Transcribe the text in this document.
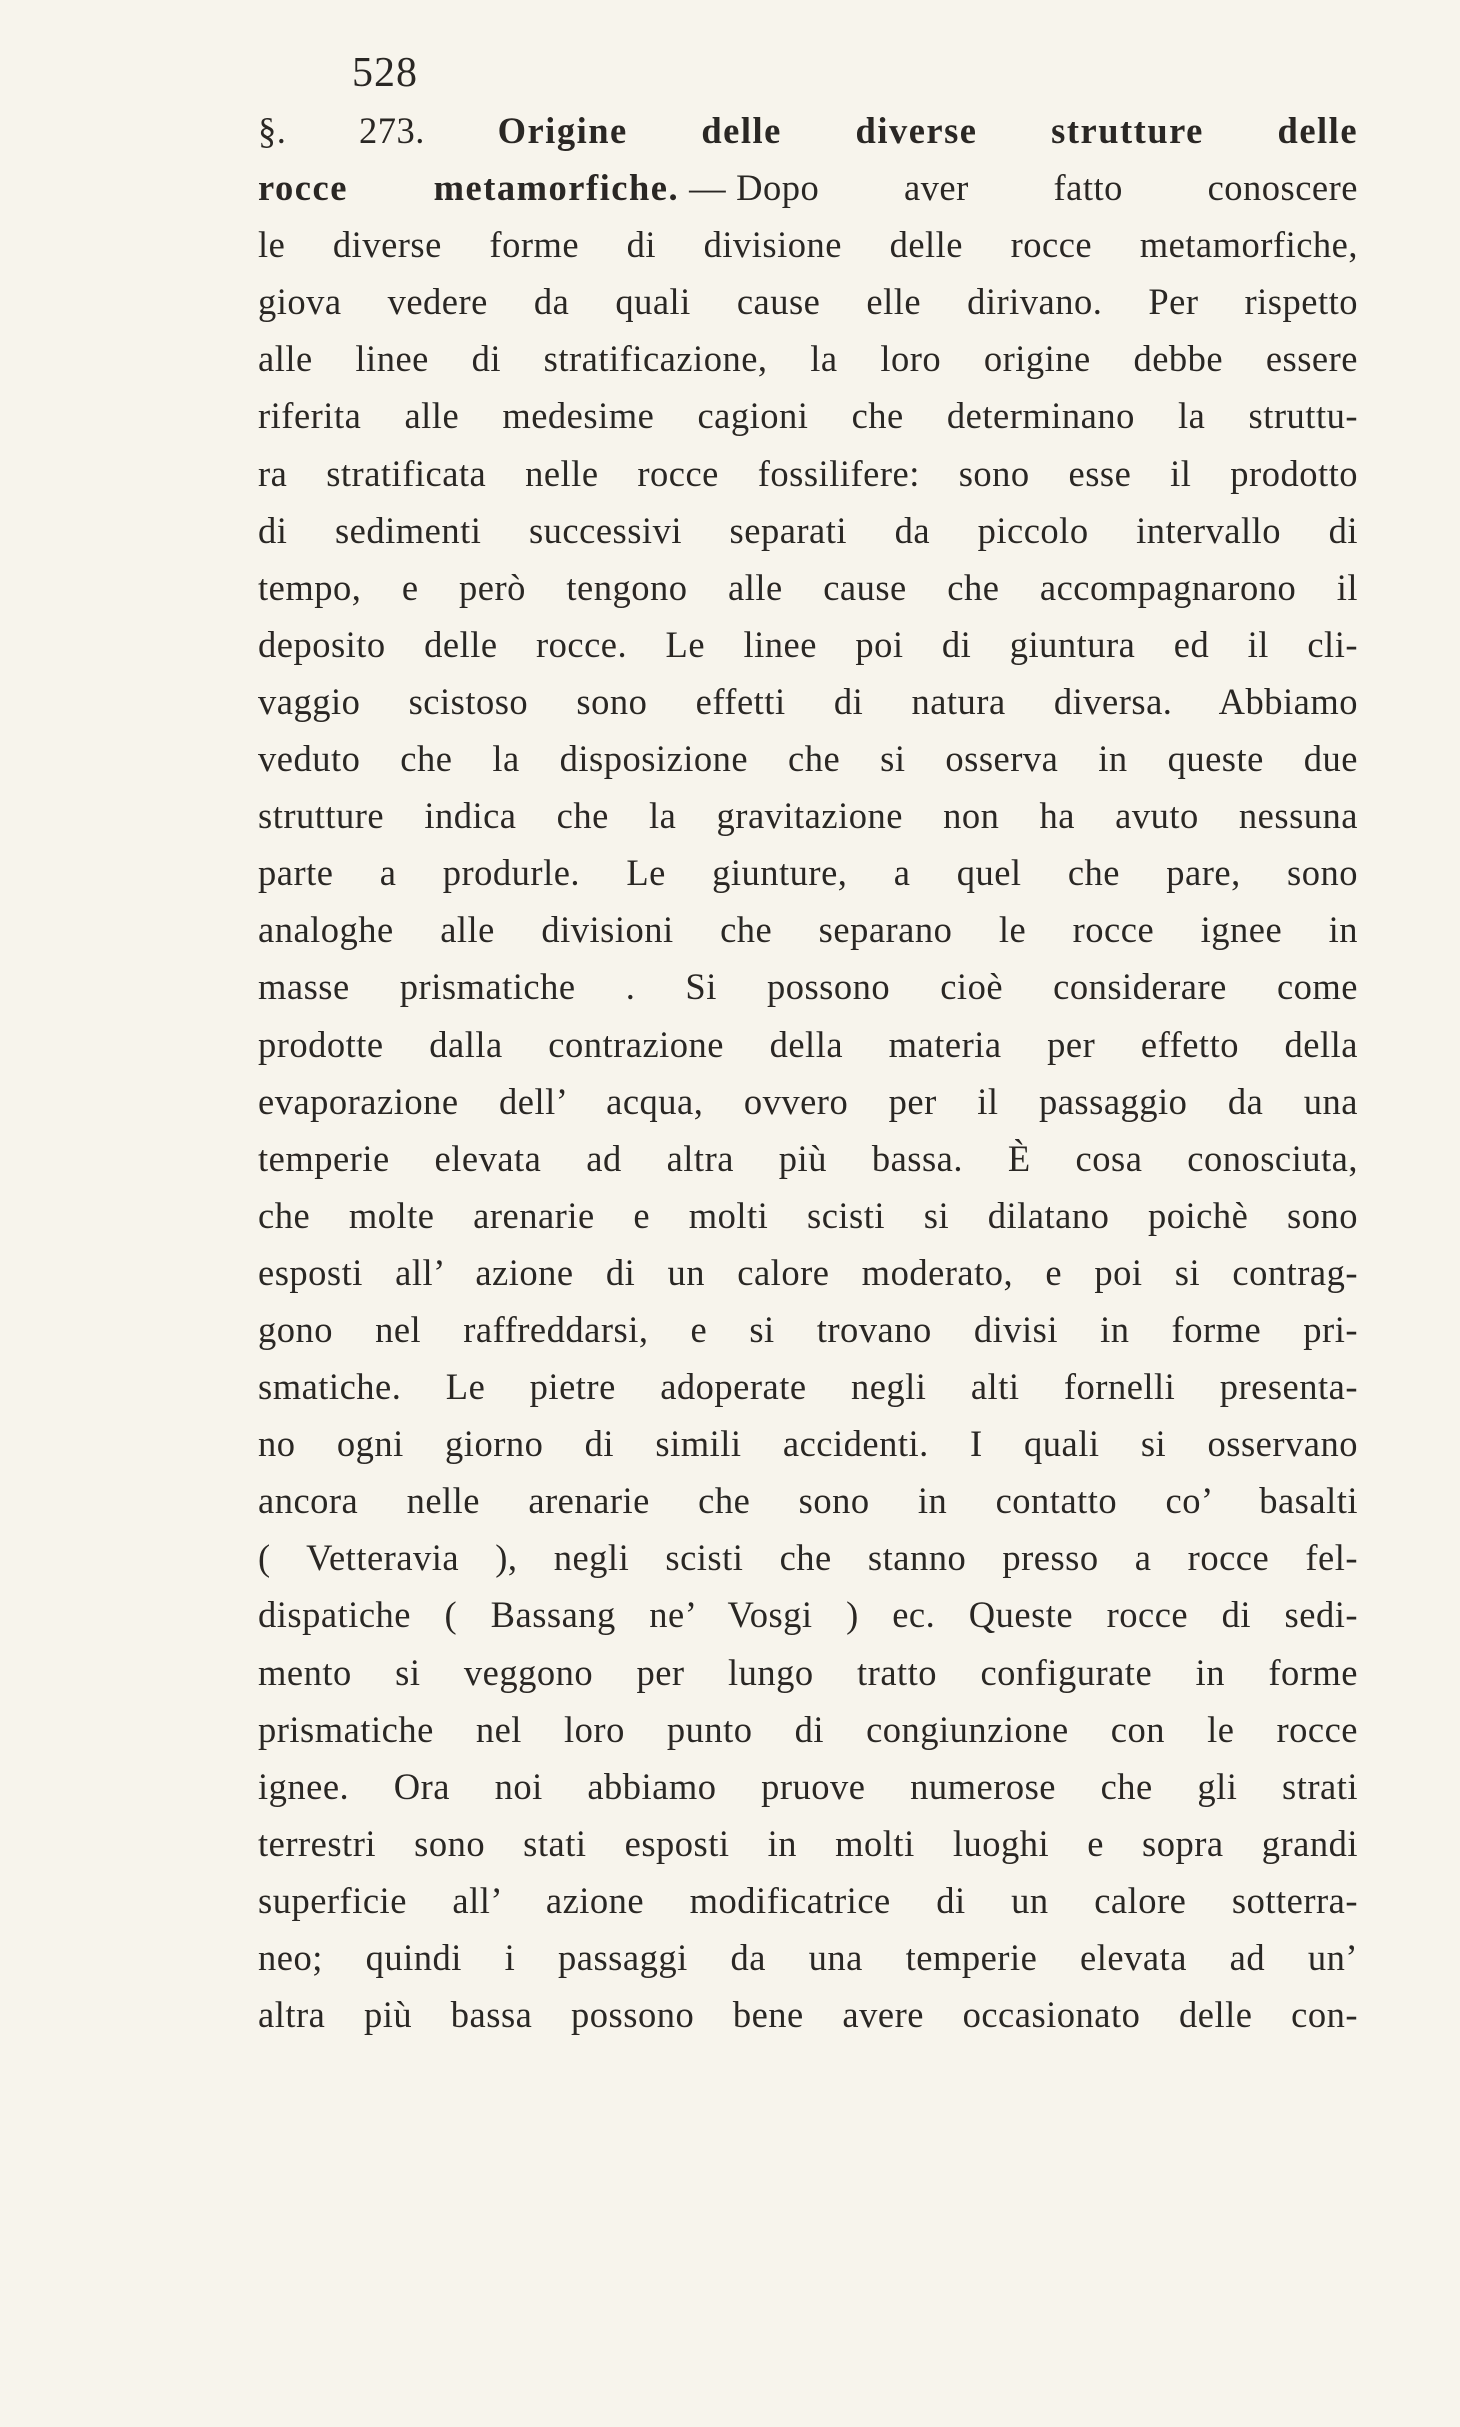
528
§. 273. Origine delle diverse strutture delle
rocce metamorfiche. — Dopo aver fatto conoscere
le diverse forme di divisione delle rocce metamorfiche,
giova vedere da quali cause elle dirivano. Per rispetto
alle linee di stratificazione, la loro origine debbe essere
riferita alle medesime cagioni che determinano la struttu-
ra stratificata nelle rocce fossilifere: sono esse il prodotto
di sedimenti successivi separati da piccolo intervallo di
tempo, e però tengono alle cause che accompagnarono il
deposito delle rocce. Le linee poi di giuntura ed il cli-
vaggio scistoso sono effetti di natura diversa. Abbiamo
veduto che la disposizione che si osserva in queste due
strutture indica che la gravitazione non ha avuto nessuna
parte a produrle. Le giunture, a quel che pare, sono
analoghe alle divisioni che separano le rocce ignee in
masse prismatiche . Si possono cioè considerare come
prodotte dalla contrazione della materia per effetto della
evaporazione dell’ acqua, ovvero per il passaggio da una
temperie elevata ad altra più bassa. È cosa conosciuta,
che molte arenarie e molti scisti si dilatano poichè sono
esposti all’ azione di un calore moderato, e poi si contrag-
gono nel raffreddarsi, e si trovano divisi in forme pri-
smatiche. Le pietre adoperate negli alti fornelli presenta-
no ogni giorno di simili accidenti. I quali si osservano
ancora nelle arenarie che sono in contatto co’ basalti
( Vetteravia ), negli scisti che stanno presso a rocce fel-
dispatiche ( Bassang ne’ Vosgi ) ec. Queste rocce di sedi-
mento si veggono per lungo tratto configurate in forme
prismatiche nel loro punto di congiunzione con le rocce
ignee. Ora noi abbiamo pruove numerose che gli strati
terrestri sono stati esposti in molti luoghi e sopra grandi
superficie all’ azione modificatrice di un calore sotterra-
neo; quindi i passaggi da una temperie elevata ad un’
altra più bassa possono bene avere occasionato delle con-
